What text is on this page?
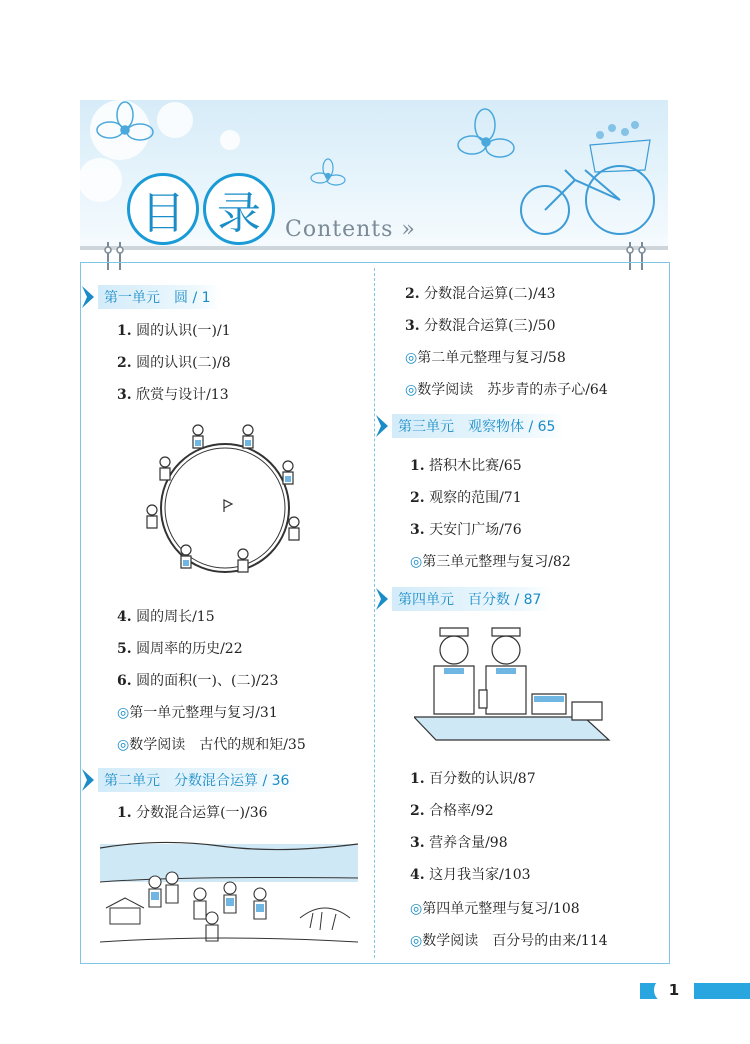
目 录	Contents »
第一单元　圆 / 1
1. 圆的认识(一)/1
2. 圆的认识(二)/8
3. 欣赏与设计/13
4. 圆的周长/15
5. 圆周率的历史/22
6. 圆的面积(一)、(二)/23
◎第一单元整理与复习/31
◎数学阅读　古代的规和矩/35
第二单元　分数混合运算 / 36
1. 分数混合运算(一)/36
2. 分数混合运算(二)/43
3. 分数混合运算(三)/50
◎第二单元整理与复习/58
◎数学阅读　苏步青的赤子心/64
第三单元　观察物体 / 65
1. 搭积木比赛/65
2. 观察的范围/71
3. 天安门广场/76
◎第三单元整理与复习/82
第四单元　百分数 / 87
1. 百分数的认识/87
2. 合格率/92
3. 营养含量/98
4. 这月我当家/103
◎第四单元整理与复习/108
◎数学阅读　百分号的由来/114
1
